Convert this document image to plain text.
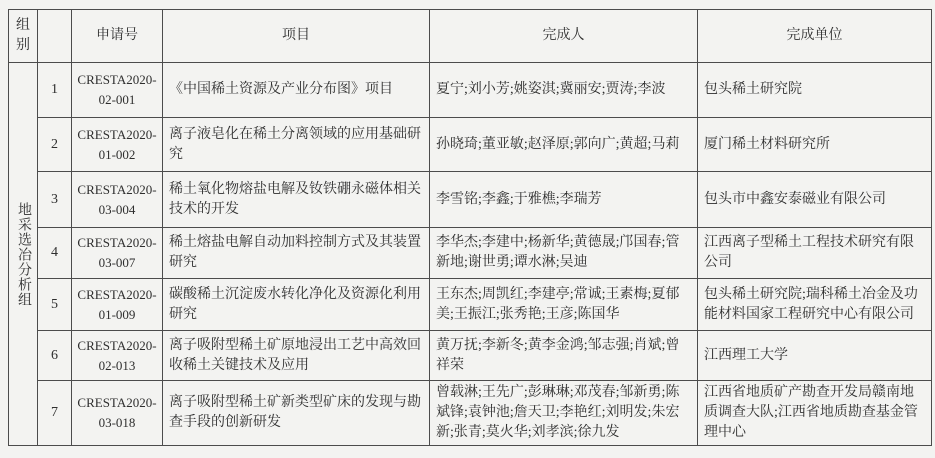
组别		申请号	项目	完成人	完成单位

地采选冶分析组	1	CRESTA2020-02-001	《中国稀土资源及产业分布图》项目	夏宁;刘小芳;姚姿淇;冀丽安;贾涛;李波	包头稀土研究院
	2	CRESTA2020-01-002	离子液皂化在稀土分离领域的应用基础研究	孙晓琦;董亚敏;赵泽原;郭向广;黄超;马莉	厦门稀土材料研究所
	3	CRESTA2020-03-004	稀土氧化物熔盐电解及钕铁硼永磁体相关技术的开发	李雪铭;李鑫;于雅樵;李瑞芳	包头市中鑫安泰磁业有限公司
	4	CRESTA2020-03-007	稀土熔盐电解自动加料控制方式及其装置研究	李华杰;李建中;杨新华;黄德晟;邝国春;管新地;谢世勇;谭水淋;吴迪	江西离子型稀土工程技术研究有限公司
	5	CRESTA2020-01-009	碳酸稀土沉淀废水转化净化及资源化利用研究	王东杰;周凯红;李建亭;常诚;王素梅;夏郁美;王振江;张秀艳;王彦;陈国华	包头稀土研究院;瑞科稀土冶金及功能材料国家工程研究中心有限公司
	6	CRESTA2020-02-013	离子吸附型稀土矿原地浸出工艺中高效回收稀土关键技术及应用	黄万抚;李新冬;黄李金鸿;邹志强;肖斌;曾祥荣	江西理工大学
	7	CRESTA2020-03-018	离子吸附型稀土矿新类型矿床的发现与勘查手段的创新研发	曾载淋;王先广;彭琳琳;邓茂春;邹新勇;陈斌锋;袁钟池;詹天卫;李艳红;刘明发;朱宏新;张青;莫火华;刘孝滨;徐九发	江西省地质矿产勘查开发局赣南地质调查大队;江西省地质勘查基金管理中心
